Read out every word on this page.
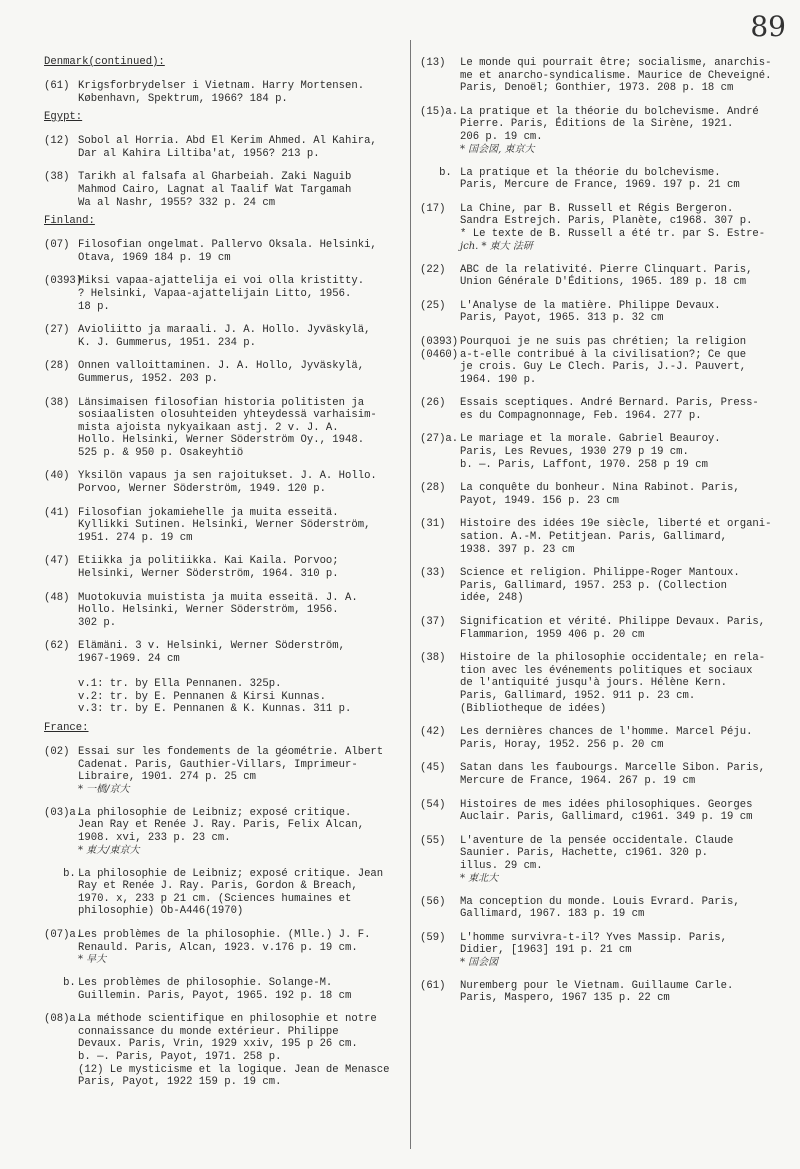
89
Denmark(continued):
(61) Krigsforbrydelser i Vietnam. Harry Mortensen.
København, Spektrum, 1966? 184 p.
Egypt:
(12) Sobol al Horria. Abd El Kerim Ahmed. Al Kahira,
Dar al Kahira Liltiba'at, 1956? 213 p.
(38) Tarikh al falsafa al Gharbeiah. Zaki Naguib
Mahmod Cairo, Lagnat al Taalif Wat Targamah
Wa al Nashr, 1955? 332 p. 24 cm
Finland:
(07) Filosofian ongelmat. Pallervo Oksala. Helsinki,
Otava, 1969 184 p. 19 cm
(0393)
Miksi vapaa-ajattelija ei voi olla kristitty.
? Helsinki, Vapaa-ajattelijain Litto, 1956.
18 p.
(27) Avioliitto ja maraali. J. A. Hollo. Jyväskylä,
K. J. Gummerus, 1951. 234 p.
(28) Onnen valloittaminen. J. A. Hollo, Jyväskylä,
Gummerus, 1952. 203 p.
(38) Länsimaisen filosofian historia politisten ja
sosiaalisten olosuhteiden yhteydessä varhaisim-
mista ajoista nykyaikaan astj. 2 v. J. A.
Hollo. Helsinki, Werner Söderström Oy., 1948.
525 p. & 950 p. Osakeyhtiö
(40) Yksilön vapaus ja sen rajoitukset. J. A. Hollo.
Porvoo, Werner Söderström, 1949. 120 p.
(41) Filosofian jokamiehelle ja muita esseitä.
Kyllikki Sutinen. Helsinki, Werner Söderström,
1951. 274 p. 19 cm
(47) Etiikka ja politiikka. Kai Kaila. Porvoo;
Helsinki, Werner Söderström, 1964. 310 p.
(48) Muotokuvia muistista ja muita esseitä. J. A.
Hollo. Helsinki, Werner Söderström, 1956.
302 p.
(62) Elämäni. 3 v. Helsinki, Werner Söderström,
1967-1969. 24 cm

v.1: tr. by Ella Pennanen. 325p.
v.2: tr. by E. Pennanen & Kirsi Kunnas.
v.3: tr. by E. Pennanen & K. Kunnas. 311 p.
France:
(02) Essai sur les fondements de la géométrie. Albert
Cadenat. Paris, Gauthier-Villars, Imprimeur-
Libraire, 1901. 274 p. 25 cm
* 一橋/京大
(03)a.
La philosophie de Leibniz; exposé critique.
Jean Ray et Renée J. Ray. Paris, Felix Alcan,
1908. xvi, 233 p. 23 cm.
* 東大/東京大
b. La philosophie de Leibniz; exposé critique. Jean
Ray et Renée J. Ray. Paris, Gordon & Breach,
1970. x, 233 p 21 cm. (Sciences humaines et
philosophie) Ob-A446(1970)
(07)a.
Les problèmes de la philosophie. (Mlle.) J. F.
Renauld. Paris, Alcan, 1923. v.176 p. 19 cm.
* 早大
b. Les problèmes de philosophie. Solange-M.
Guillemin. Paris, Payot, 1965. 192 p. 18 cm
(08)a.
La méthode scientifique en philosophie et notre
connaissance du monde extérieur. Philippe
Devaux. Paris, Vrin, 1929 xxiv, 195 p 26 cm.
b. —. Paris, Payot, 1971. 258 p.
(12) Le mysticisme et la logique. Jean de Menasce
Paris, Payot, 1922 159 p. 19 cm.
(13)	Le monde qui pourrait être; socialisme, anarchis-
me et anarcho-syndicalisme. Maurice de Cheveigné.
Paris, Denoël; Gonthier, 1973. 208 p. 18 cm
(15)a. La pratique et la théorie du bolchevisme. André
Pierre. Paris, Éditions de la Sirène, 1921.
206 p. 19 cm.
* 国会図, 東京大
b. La pratique et la théorie du bolchevisme.
Paris, Mercure de France, 1969. 197 p. 21 cm
(17)	La Chine, par B. Russell et Régis Bergeron.
Sandra Estrejch. Paris, Planète, c1968. 307 p.
* Le texte de B. Russell a été tr. par S. Estre-
jch. * 東大 法研
(22)	ABC de la relativité. Pierre Clinquart. Paris,
Union Générale D'Éditions, 1965. 189 p. 18 cm
(25)	L'Analyse de la matière. Philippe Devaux.
Paris, Payot, 1965. 313 p. 32 cm
(0393)
(0460)
Pourquoi je ne suis pas chrétien; la religion
a-t-elle contribué à la civilisation?; Ce que
je crois. Guy Le Clech. Paris, J.-J. Pauvert,
1964. 190 p.
(26)	Essais sceptiques. André Bernard. Paris, Press-
es du Compagnonnage, Feb. 1964. 277 p.
(27)a. Le mariage et la morale. Gabriel Beauroy.
Paris, Les Revues, 1930 279 p 19 cm.
b. —. Paris, Laffont, 1970. 258 p 19 cm
(28)	La conquête du bonheur. Nina Rabinot. Paris,
Payot, 1949. 156 p. 23 cm
(31)	Histoire des idées 19e siècle, liberté et organi-
sation. A.-M. Petitjean. Paris, Gallimard,
1938. 397 p. 23 cm
(33)	Science et religion. Philippe-Roger Mantoux.
Paris, Gallimard, 1957. 253 p. (Collection
idée, 248)
(37)	Signification et vérité. Philippe Devaux. Paris,
Flammarion, 1959 406 p. 20 cm
(38)	Histoire de la philosophie occidentale; en rela-
tion avec les événements politiques et sociaux
de l'antiquité jusqu'à jours. Hélène Kern.
Paris, Gallimard, 1952. 911 p. 23 cm.
(Bibliotheque de idées)
(42)	Les dernières chances de l'homme. Marcel Péju.
Paris, Horay, 1952. 256 p. 20 cm
(45)	Satan dans les faubourgs. Marcelle Sibon. Paris,
Mercure de France, 1964. 267 p. 19 cm
(54)	Histoires de mes idées philosophiques. Georges
Auclair. Paris, Gallimard, c1961. 349 p. 19 cm
(55)	L'aventure de la pensée occidentale. Claude
Saunier. Paris, Hachette, c1961. 320 p.
illus. 29 cm.
* 東北大
(56)	Ma conception du monde. Louis Evrard. Paris,
Gallimard, 1967. 183 p. 19 cm
(59)	L'homme survivra-t-il? Yves Massip. Paris,
Didier, [1963] 191 p. 21 cm
* 国会図
(61)	Nuremberg pour le Vietnam. Guillaume Carle.
Paris, Maspero, 1967 135 p. 22 cm
